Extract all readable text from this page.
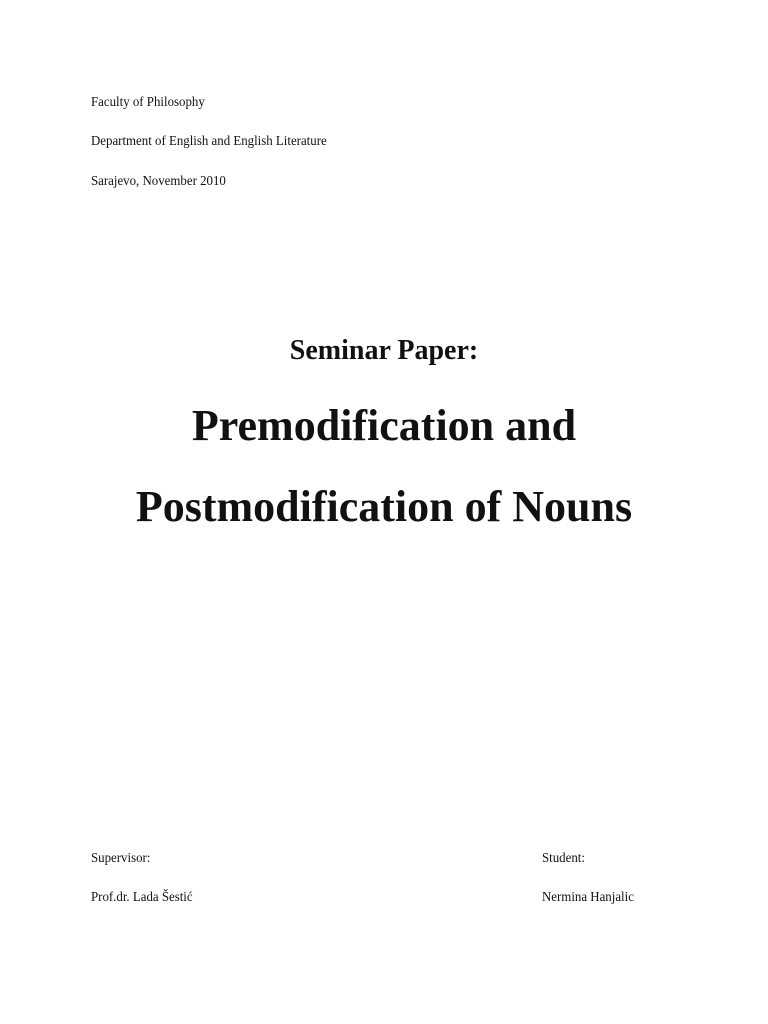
Faculty of Philosophy
Department of English and English Literature
Sarajevo, November 2010
Seminar Paper:
Premodification and
Postmodification of Nouns
Supervisor:
Prof.dr. Lada Šestić
Student:
Nermina Hanjalic
